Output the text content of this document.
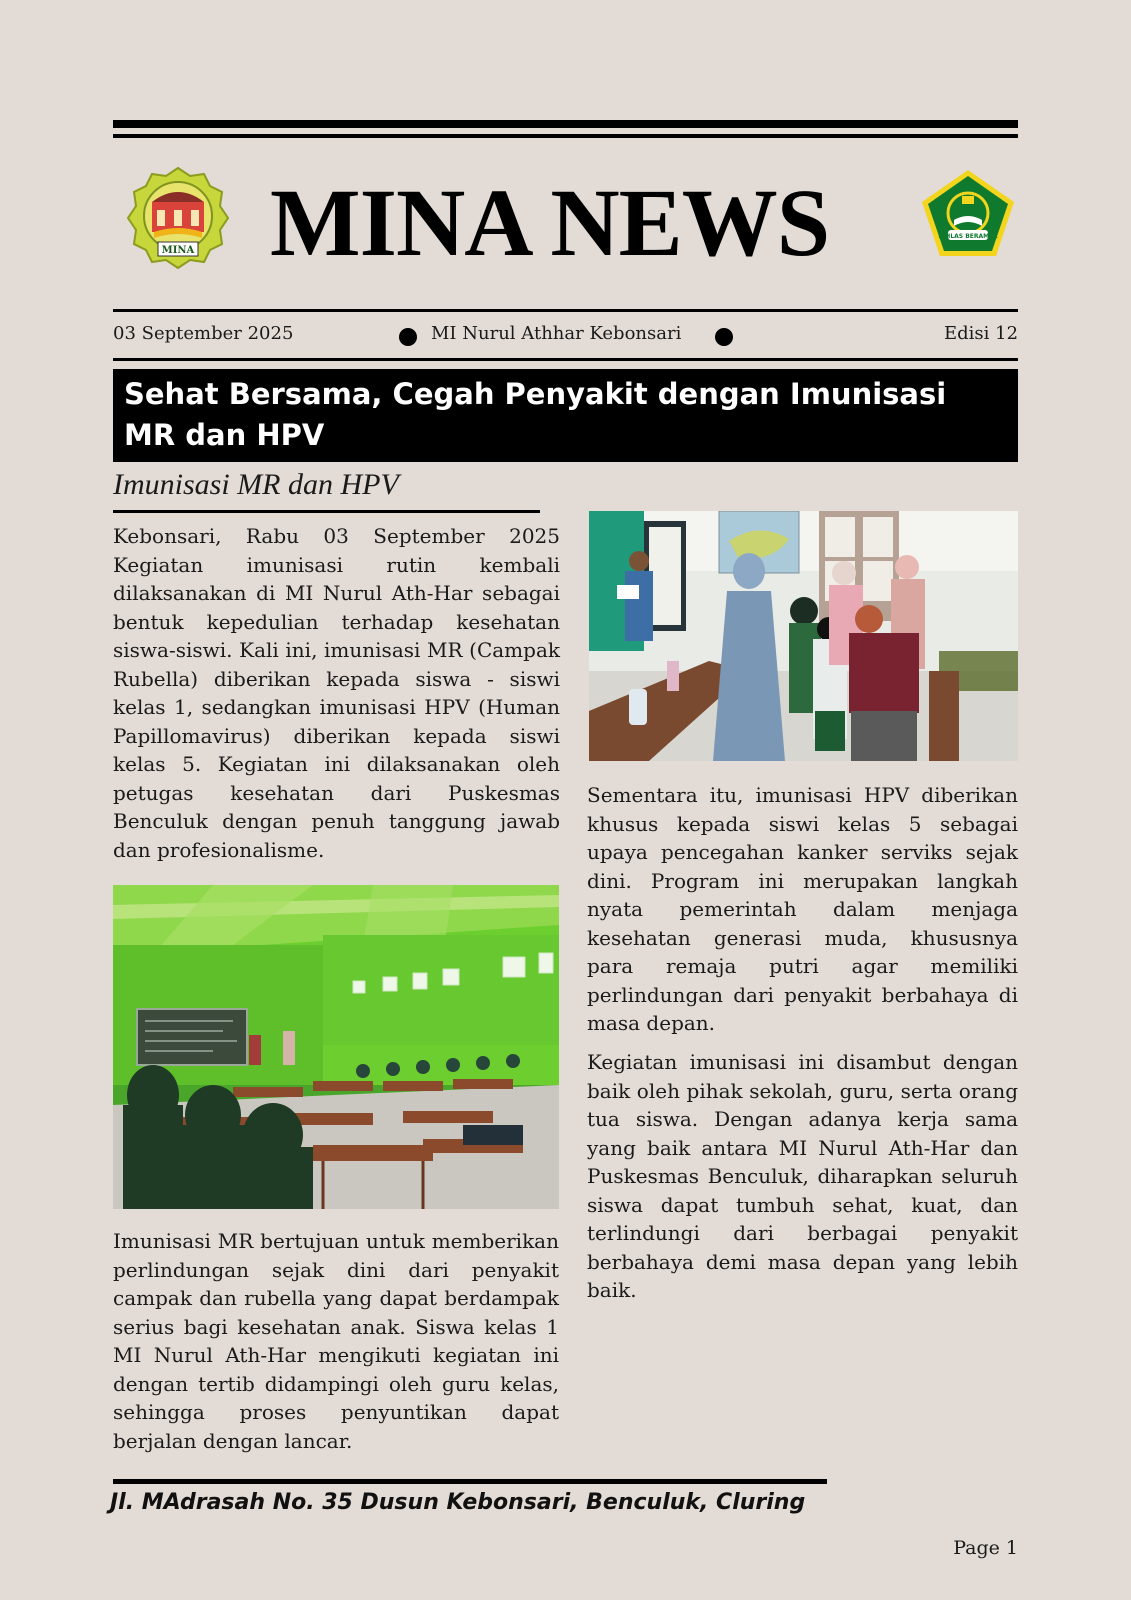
MINA MINA NEWS	IKHLAS BERAMAL
03 September 2025	MI Nurul Athhar Kebonsari	Edisi 12
Sehat Bersama, Cegah Penyakit dengan Imunisasi MR dan HPV
Imunisasi MR dan HPV

Kebonsari, Rabu 03 September 2025 Kegiatan imunisasi rutin kembali dilaksanakan di MI Nurul Ath-Har sebagai bentuk kepedulian terhadap kesehatan siswa-siswi. Kali ini, imunisasi MR (Campak Rubella) diberikan kepada siswa - siswi kelas 1, sedangkan imunisasi HPV (Human Papillomavirus) diberikan kepada siswi kelas 5. Kegiatan ini dilaksanakan oleh petugas kesehatan dari Puskesmas Benculuk dengan penuh tanggung jawab dan profesionalisme.

Imunisasi MR bertujuan untuk memberikan perlindungan sejak dini dari penyakit campak dan rubella yang dapat berdampak serius bagi kesehatan anak. Siswa kelas 1 MI Nurul Ath-Har mengikuti kegiatan ini dengan tertib didampingi oleh guru kelas, sehingga proses penyuntikan dapat berjalan dengan lancar.

Sementara itu, imunisasi HPV diberikan khusus kepada siswi kelas 5 sebagai upaya pencegahan kanker serviks sejak dini. Program ini merupakan langkah nyata pemerintah dalam menjaga kesehatan generasi muda, khususnya para remaja putri agar memiliki perlindungan dari penyakit berbahaya di masa depan.

Kegiatan imunisasi ini disambut dengan baik oleh pihak sekolah, guru, serta orang tua siswa. Dengan adanya kerja sama yang baik antara MI Nurul Ath-Har dan Puskesmas Benculuk, diharapkan seluruh siswa dapat tumbuh sehat, kuat, dan terlindungi dari berbagai penyakit berbahaya demi masa depan yang lebih baik.

Jl. MAdrasah No. 35 Dusun Kebonsari, Benculuk, Cluring
Page 1
